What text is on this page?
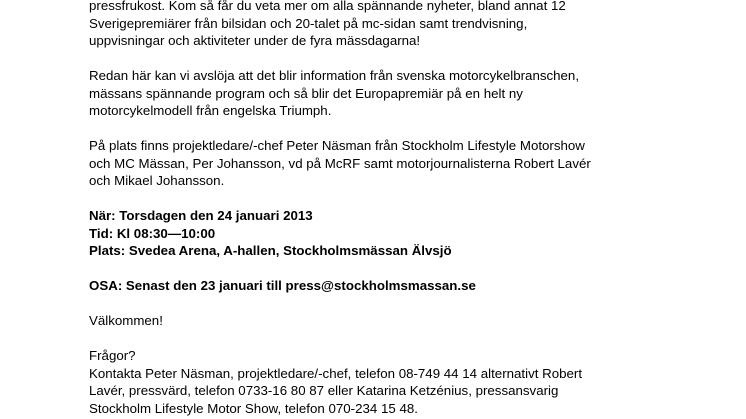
pressfrukost. Kom så får du veta mer om alla spännande nyheter, bland annat 12
Sverigepremiärer från bilsidan och 20-talet på mc-sidan samt trendvisning,
uppvisningar och aktiviteter under de fyra mässdagarna!
Redan här kan vi avslöja att det blir information från svenska motorcykelbranschen,
mässans spännande program och så blir det Europapremiär på en helt ny
motorcykelmodell från engelska Triumph.
På plats finns projektledare/-chef Peter Näsman från Stockholm Lifestyle Motorshow
och MC Mässan, Per Johansson, vd på McRF samt motorjournalisterna Robert Lavér
och Mikael Johansson.
När: Torsdagen den 24 januari 2013
Tid: Kl 08:30—10:00
Plats: Svedea Arena, A-hallen, Stockholmsmässan Älvsjö
OSA: Senast den 23 januari till press@stockholmsmassan.se
Välkommen!
Frågor?
Kontakta Peter Näsman, projektledare/-chef, telefon 08-749 44 14 alternativt Robert
Lavér, pressvärd, telefon 0733-16 80 87 eller Katarina Ketzénius, pressansvarig
Stockholm Lifestyle Motor Show, telefon 070-234 15 48.
